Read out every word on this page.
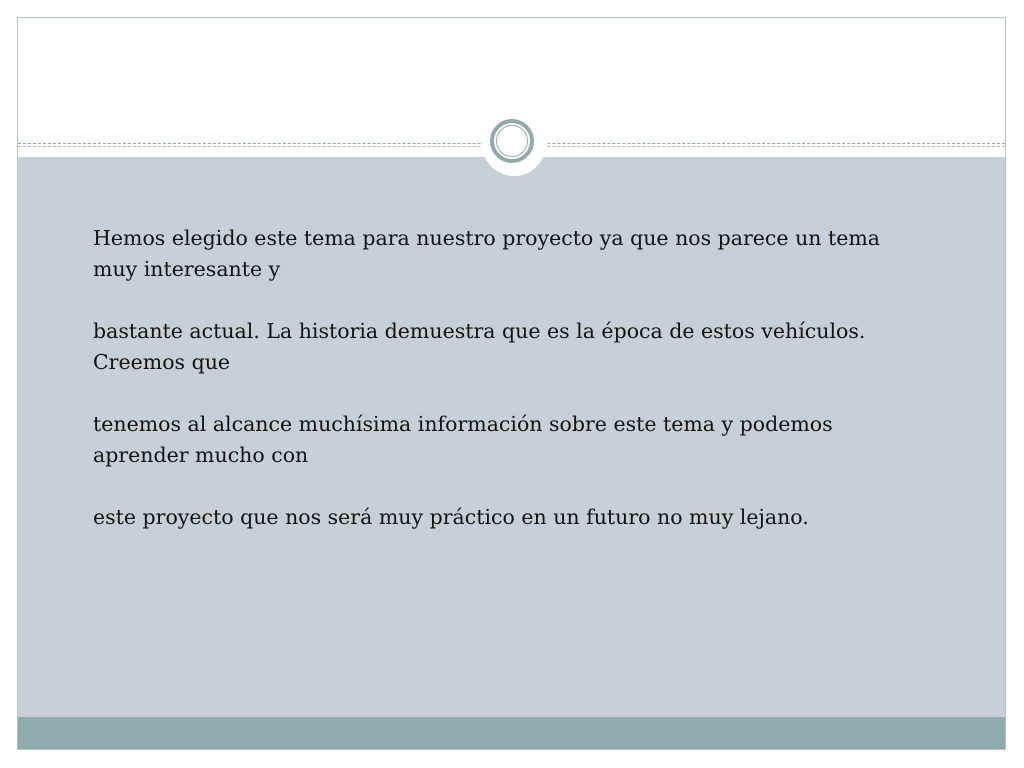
Hemos elegido este tema para nuestro proyecto ya que nos parece un tema muy interesante y

bastante actual. La historia demuestra que es la época de estos vehículos. Creemos que

tenemos al alcance muchísima información sobre este tema y podemos aprender mucho con

este proyecto que nos será muy práctico en un futuro no muy lejano.
